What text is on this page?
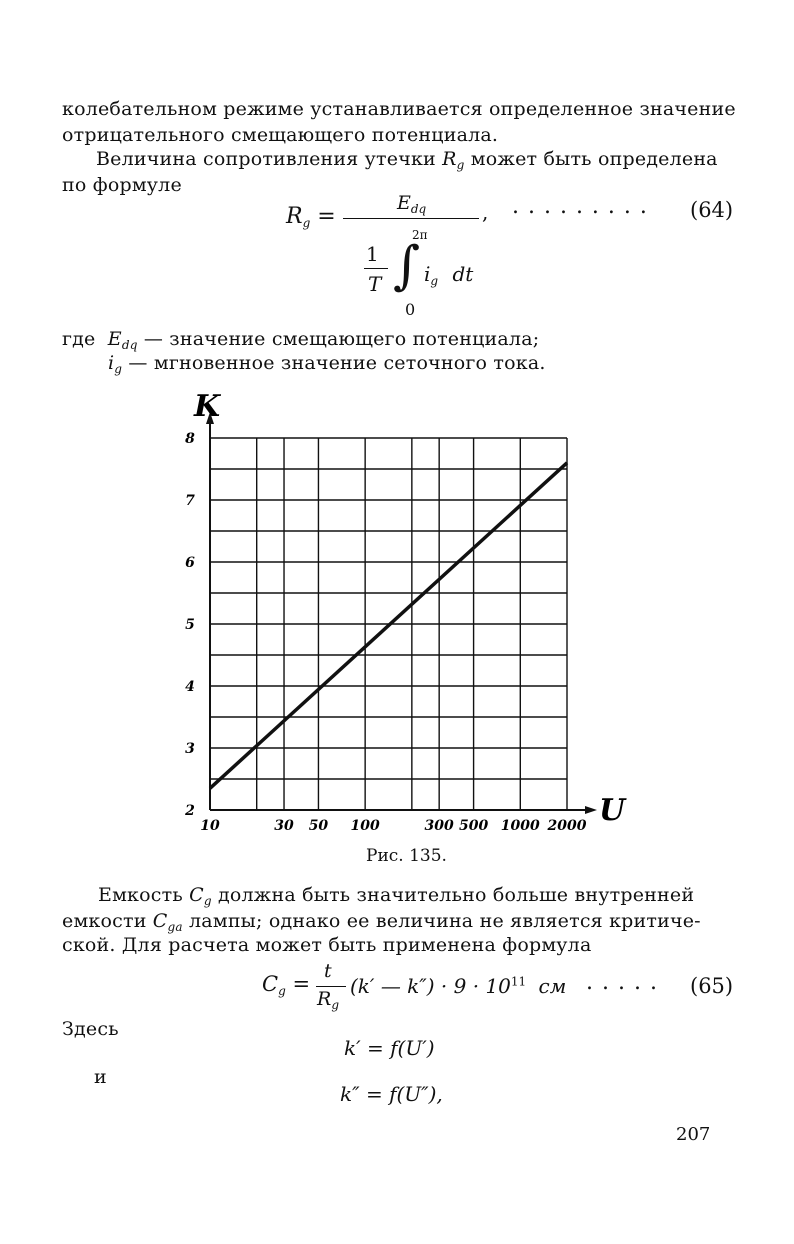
колебательном режиме устанавливается определенное значение
отрицательного смещающего потенциала.
Величина сопротивления утечки $R_g$ может быть определена
по формуле
$R_g$ =
$E_{dq}$	, . . . . . . . . . (64)
1
T
2π
∫
0
$i_g$ dt
где $E_{dq}$ — значение смещающего потенциала;
$i_g$ — мгновенное значение сеточного тока.
10	30 50 100	300 500 1000 2000
2
3
4
5
6
7
8
K
U
Рис. 135.
Емкость $C_g$ должна быть значительно больше внутренней
емкости $C_{ga}$ лампы; однако ее величина не является критиче-
ской. Для расчета может быть применена формула
$C_g$ =
t
$R_g$
(k′ — $k'') \cdot 9 \cdot 10^{11}$ см . . . . . (65)
Здесь
k′ = f(U′)
и
k″ = f(U″),
207
